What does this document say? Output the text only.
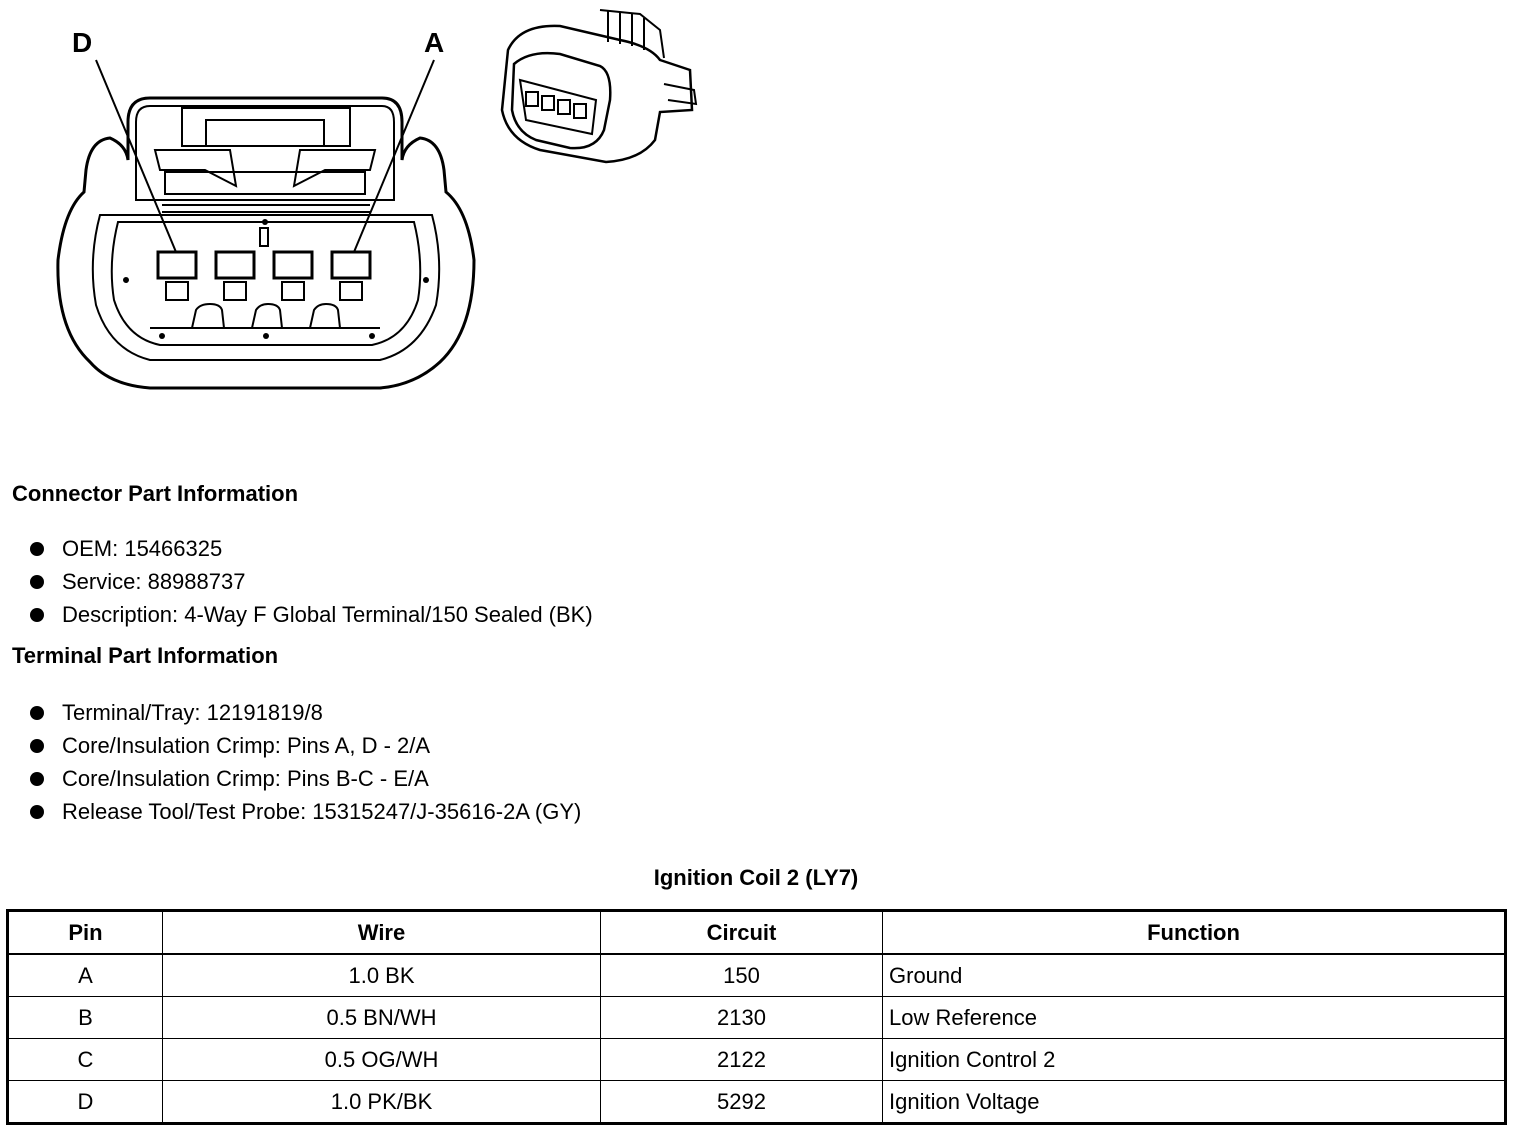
D	A
Connector Part Information
OEM: 15466325
Service: 88988737
Description: 4-Way F Global Terminal/150 Sealed (BK)
Terminal Part Information
Terminal/Tray: 12191819/8
Core/Insulation Crimp: Pins A, D - 2/A
Core/Insulation Crimp: Pins B-C - E/A
Release Tool/Test Probe: 15315247/J-35616-2A (GY)
Ignition Coil 2 (LY7)
Pin	Wire	Circuit	Function
A	1.0 BK	150	Ground
B	0.5 BN/WH	2130	Low Reference
C	0.5 OG/WH	2122	Ignition Control 2
D	1.0 PK/BK	5292	Ignition Voltage
